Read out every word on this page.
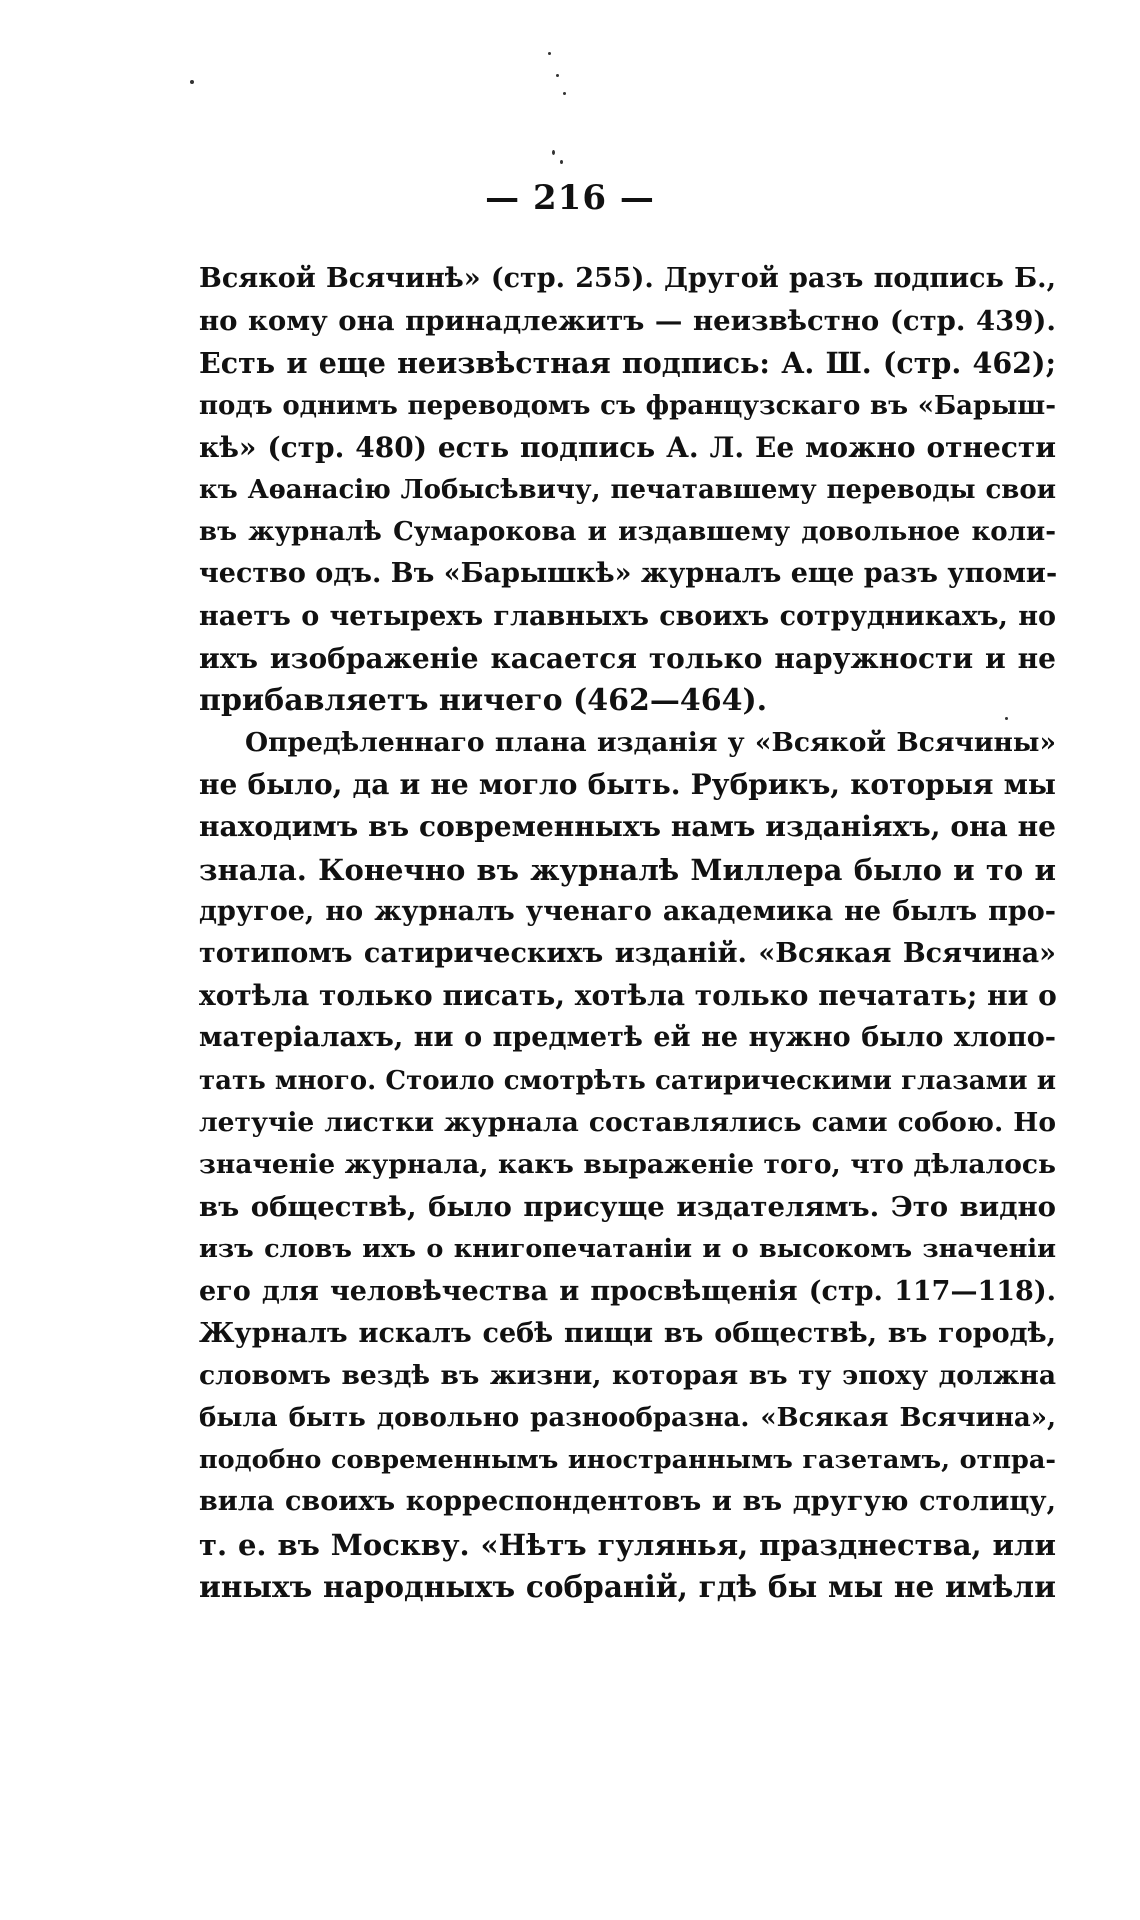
— 216 —
Всякой Всячинѣ» (стр. 255). Другой разъ подпись Б.,
но кому она принадлежитъ — неизвѣстно (стр. 439).
Есть и еще неизвѣстная подпись: А. Ш. (стр. 462);
подъ однимъ переводомъ съ французскаго въ «Барыш-
кѣ» (стр. 480) есть подпись А. Л. Ее можно отнести
къ Аѳанасію Лобысѣвичу, печатавшему переводы свои
въ журналѣ Сумарокова и издавшему довольное коли-
чество одъ. Въ «Барышкѣ» журналъ еще разъ упоми-
наетъ о четырехъ главныхъ своихъ сотрудникахъ, но
ихъ изображеніе касается только наружности и не
прибавляетъ ничего (462—464).
Опредѣленнаго плана изданія у «Всякой Всячины»
не было, да и не могло быть. Рубрикъ, которыя мы
находимъ въ современныхъ намъ изданіяхъ, она не
знала. Конечно въ журналѣ Миллера было и то и
другое, но журналъ ученаго академика не былъ про-
тотипомъ сатирическихъ изданій. «Всякая Всячина»
хотѣла только писать, хотѣла только печатать; ни о
матеріалахъ, ни о предметѣ ей не нужно было хлопо-
тать много. Стоило смотрѣть сатирическими глазами и
летучіе листки журнала составлялись сами собою. Но
значеніе журнала, какъ выраженіе того, что дѣлалось
въ обществѣ, было присуще издателямъ. Это видно
изъ словъ ихъ о книгопечатаніи и о высокомъ значеніи
его для человѣчества и просвѣщенія (стр. 117—118).
Журналъ искалъ себѣ пищи въ обществѣ, въ городѣ,
словомъ вездѣ въ жизни, которая въ ту эпоху должна
была быть довольно разнообразна. «Всякая Всячина»,
подобно современнымъ иностраннымъ газетамъ, отпра-
вила своихъ корреспондентовъ и въ другую столицу,
т. е. въ Москву. «Нѣтъ гулянья, празднества, или
иныхъ народныхъ собраній, гдѣ бы мы не имѣли
